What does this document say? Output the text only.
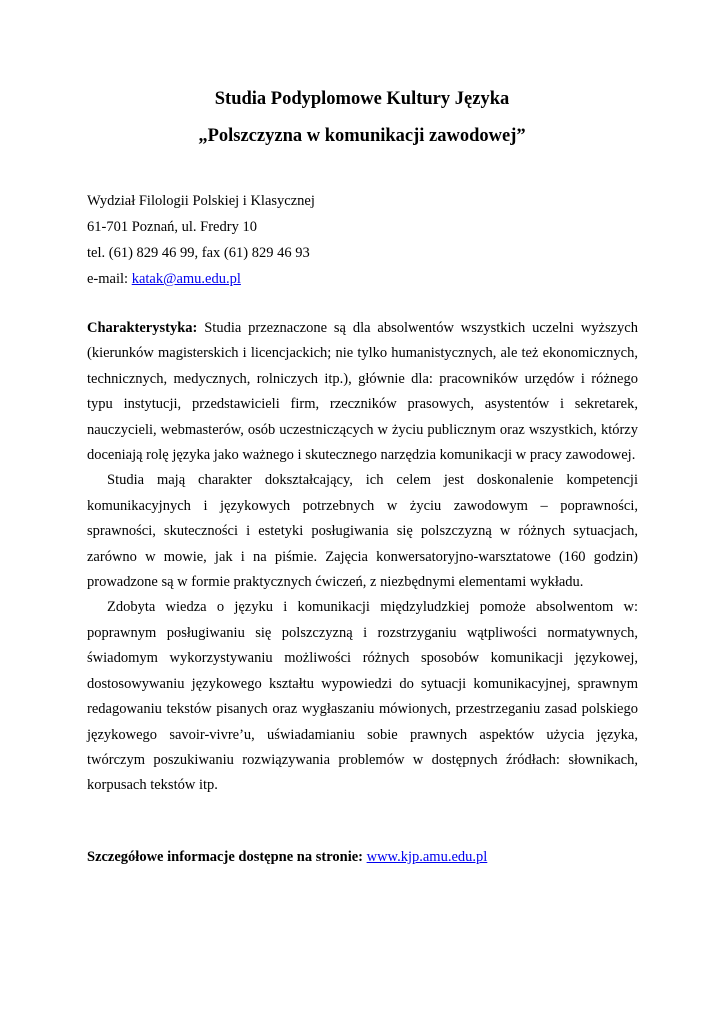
Studia Podyplomowe Kultury Języka
„Polszczyzna w komunikacji zawodowej”
Wydział Filologii Polskiej i Klasycznej
61-701 Poznań, ul. Fredry 10
tel. (61) 829 46 99, fax (61) 829 46 93
e-mail: katak@amu.edu.pl

Charakterystyka: Studia przeznaczone są dla absolwentów wszystkich uczelni wyższych (kierunków magisterskich i licencjackich; nie tylko humanistycznych, ale też ekonomicznych, technicznych, medycznych, rolniczych itp.), głównie dla: pracowników urzędów i różnego typu instytucji, przedstawicieli firm, rzeczników prasowych, asystentów i sekretarek, nauczycieli, webmasterów, osób uczestniczących w życiu publicznym oraz wszystkich, którzy doceniają rolę języka jako ważnego i skutecznego narzędzia komunikacji w pracy zawodowej.

Studia mają charakter dokształcający, ich celem jest doskonalenie kompetencji komunikacyjnych i językowych potrzebnych w życiu zawodowym – poprawności, sprawności, skuteczności i estetyki posługiwania się polszczyzną w różnych sytuacjach, zarówno w mowie, jak i na piśmie. Zajęcia konwersatoryjno-warsztatowe (160 godzin) prowadzone są w formie praktycznych ćwiczeń, z niezbędnymi elementami wykładu.

Zdobyta wiedza o języku i komunikacji międzyludzkiej pomoże absolwentom w: poprawnym posługiwaniu się polszczyzną i rozstrzyganiu wątpliwości normatywnych, świadomym wykorzystywaniu możliwości różnych sposobów komunikacji językowej, dostosowywaniu językowego kształtu wypowiedzi do sytuacji komunikacyjnej, sprawnym redagowaniu tekstów pisanych oraz wygłaszaniu mówionych, przestrzeganiu zasad polskiego językowego savoir-vivre’u, uświadamianiu sobie prawnych aspektów użycia języka, twórczym poszukiwaniu rozwiązywania problemów w dostępnych źródłach: słownikach, korpusach tekstów itp.

Szczegółowe informacje dostępne na stronie: www.kjp.amu.edu.pl
